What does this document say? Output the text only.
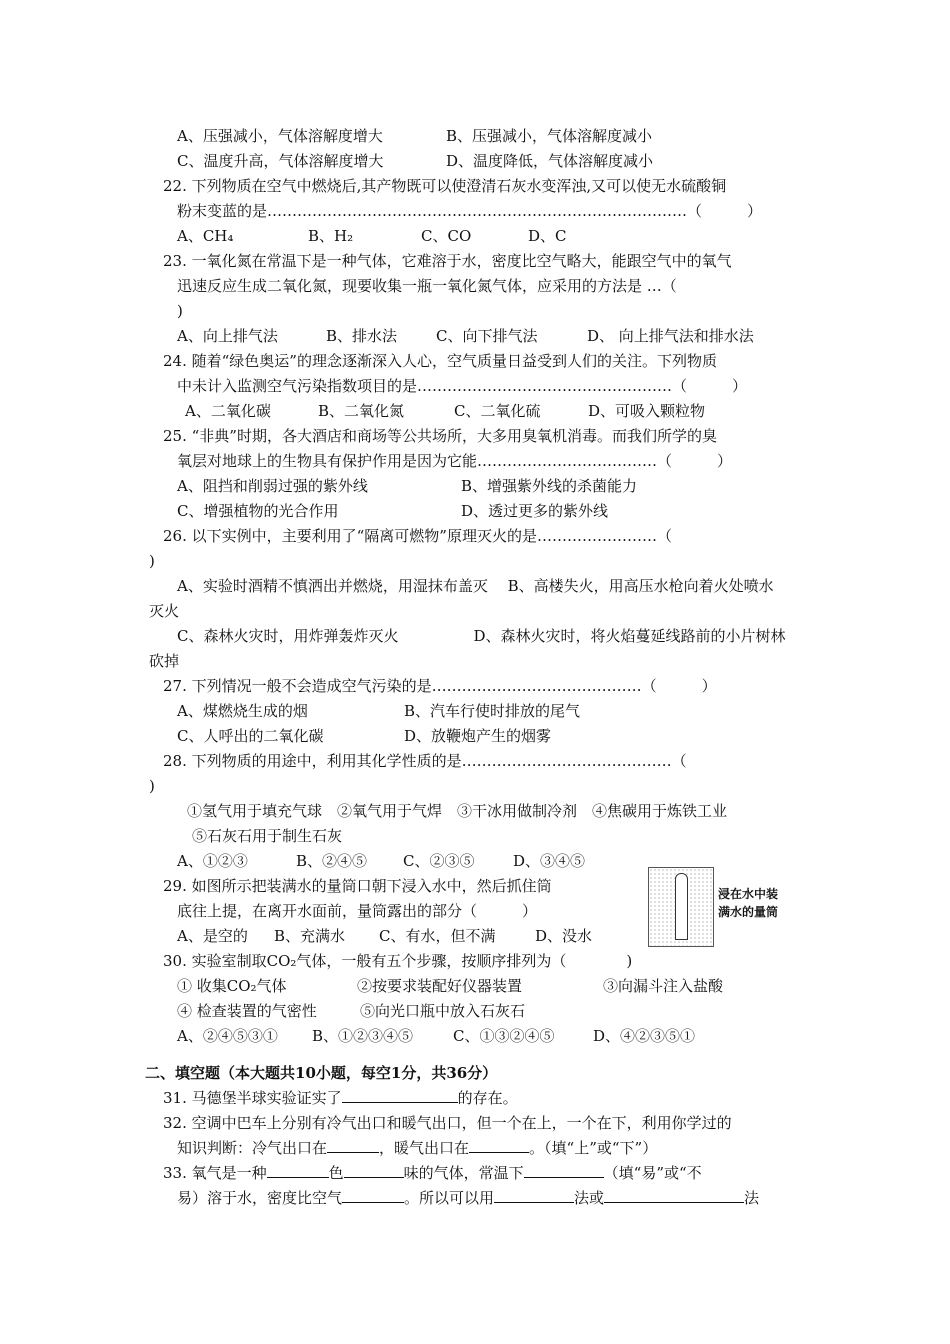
A、压强减小，气体溶解度增大	B、压强减小，气体溶解度减小
C、温度升高，气体溶解度增大	D、温度降低，气体溶解度减小
22. 下列物质在空气中燃烧后,其产物既可以使澄清石灰水变浑浊,又可以使无水硫酸铜
粉末变蓝的是…………………………………………………………………………（　　　）
A、CH₄	B、H₂	C、CO	D、C
23. 一氧化氮在常温下是一种气体，它难溶于水，密度比空气略大，能跟空气中的氧气
迅速反应生成二氧化氮，现要收集一瓶一氧化氮气体，应采用的方法是 …（
)
A、向上排气法	B、排水法	C、向下排气法	D、 向上排气法和排水法
24. 随着“绿色奥运”的理念逐渐深入人心，空气质量日益受到人们的关注。下列物质
中未计入监测空气污染指数项目的是……………………………………………（　　　）
A、二氧化碳	B、二氧化氮	C、二氧化硫	D、可吸入颗粒物
25. “非典”时期，各大酒店和商场等公共场所，大多用臭氧机消毒。而我们所学的臭
氧层对地球上的生物具有保护作用是因为它能………………………………（　　　）
A、阻挡和削弱过强的紫外线	B、增强紫外线的杀菌能力
C、增强植物的光合作用	D、透过更多的紫外线
26. 以下实例中，主要利用了“隔离可燃物”原理灭火的是……………………（
)
A、实验时酒精不慎洒出并燃烧，用湿抹布盖灭　 B、高楼失火，用高压水枪向着火处喷水
灭火
C、森林火灾时，用炸弹轰炸灭火　　　　　D、森林火灾时，将火焰蔓延线路前的小片树林
砍掉
27. 下列情况一般不会造成空气污染的是……………………………………（　　　）
A、煤燃烧生成的烟	B、汽车行使时排放的尾气
C、人呼出的二氧化碳	D、放鞭炮产生的烟雾
28. 下列物质的用途中，利用其化学性质的是……………………………………（
)
①氢气用于填充气球　②氧气用于气焊　③干冰用做制冷剂　④焦碳用于炼铁工业
⑤石灰石用于制生石灰
A、①②③	B、②④⑤ C、②③⑤	D、③④⑤
29. 如图所示把装满水的量筒口朝下浸入水中，然后抓住筒
底往上提，在离开水面前，量筒露出的部分（　　　）
A、是空的 B、充满水 C、有水，但不满	D、没水
浸在水中装
满水的量筒
30. 实验室制取CO₂气体，一般有五个步骤，按顺序排列为（　　　　)
① 收集CO₂气体	②按要求装配好仪器装置	③向漏斗注入盐酸
④ 检查装置的气密性	⑤向光口瓶中放入石灰石
A、②④⑤③① B、①②③④⑤	C、①③②④⑤	D、④②③⑤①
二、填空题（本大题共10小题，每空1分，共36分）
31. 马德堡半球实验证实了	的存在。
32. 空调中巴车上分别有冷气出口和暖气出口，但一个在上，一个在下，利用你学过的
知识判断：冷气出口在	，暖气出口在	。（填“上”或“下”）
33. 氧气是一种	色	味的气体，常温下	（填“易”或“不
易）溶于水，密度比空气	。所以可以用	法或	法
